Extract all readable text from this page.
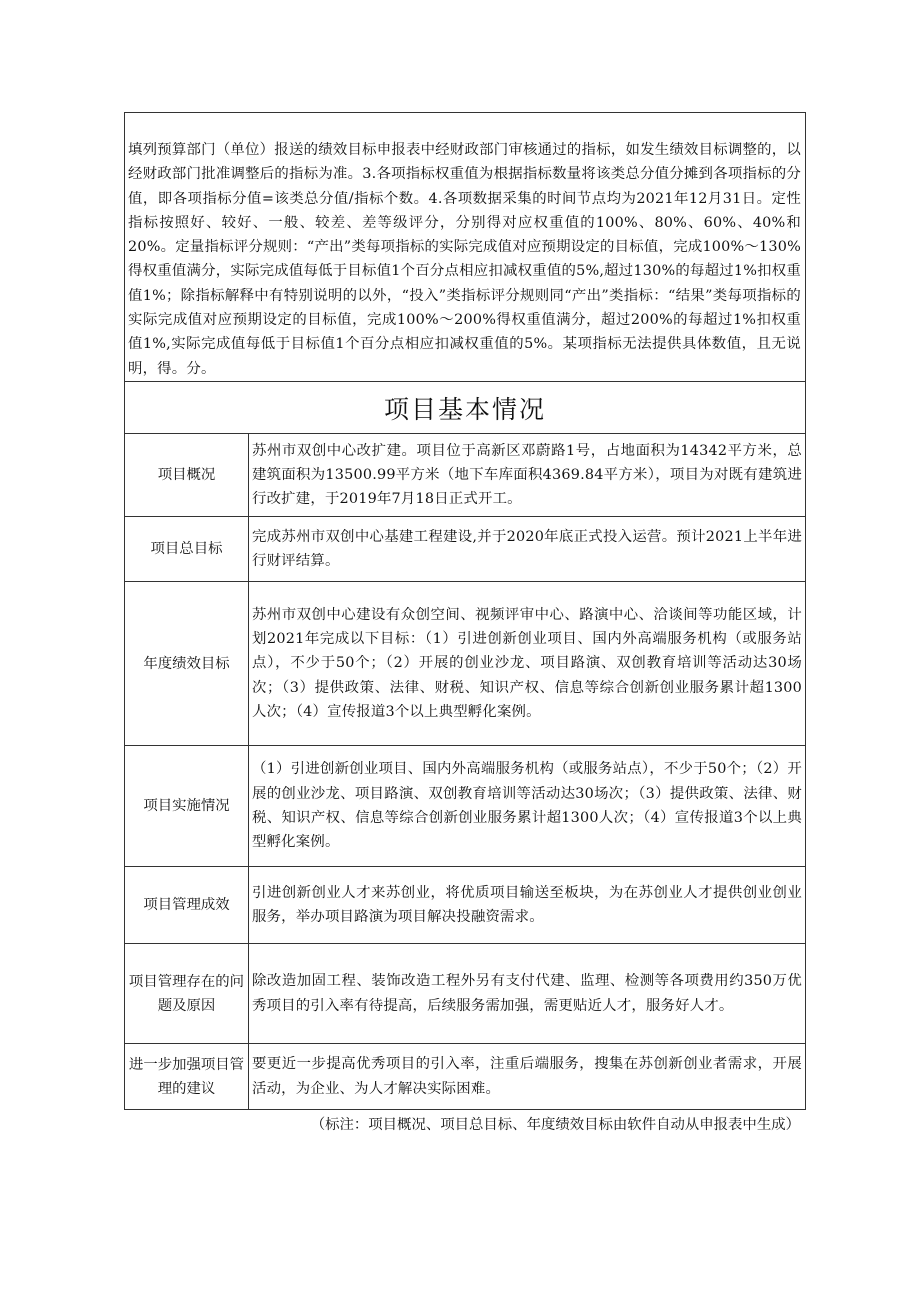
填列预算部门（单位）报送的绩效目标申报表中经财政部门审核通过的指标，如发生绩效目标调整的，以经财政部门批准调整后的指标为准。3.各项指标权重值为根据指标数量将该类总分值分摊到各项指标的分值，即各项指标分值=该类总分值/指标个数。4.各项数据采集的时间节点均为2021年12月31日。定性指标按照好、较好、一般、较差、差等级评分，分别得对应权重值的100%、80%、60%、40%和20%。定量指标评分规则：“产出”类每项指标的实际完成值对应预期设定的目标值，完成100%～130%得权重值满分，实际完成值每低于目标值1个百分点相应扣减权重值的5%,超过130%的每超过1%扣权重值1%；除指标解释中有特别说明的以外，“投入”类指标评分规则同“产出”类指标：“结果”类每项指标的实际完成值对应预期设定的目标值，完成100%～200%得权重值满分，超过200%的每超过1%扣权重值1%,实际完成值每低于目标值1个百分点相应扣减权重值的5%。某项指标无法提供具体数值，且无说明，得。分。
项目基本情况
项目概况
苏州市双创中心改扩建。项目位于高新区邓蔚路1号，占地面积为14342平方米，总建筑面积为13500.99平方米（地下车库面积4369.84平方米），项目为对既有建筑进行改扩建，于2019年7月18日正式开工。
项目总目标
完成苏州市双创中心基建工程建设,并于2020年底正式投入运营。预计2021上半年进行财评结算。
年度绩效目标
苏州市双创中心建设有众创空间、视频评审中心、路演中心、洽谈间等功能区域，计划2021年完成以下目标：（1）引进创新创业项目、国内外高端服务机构（或服务站点），不少于50个；（2）开展的创业沙龙、项目路演、双创教育培训等活动达30场次；（3）提供政策、法律、财税、知识产权、信息等综合创新创业服务累计超1300人次；（4）宣传报道3个以上典型孵化案例。
项目实施情况
（1）引进创新创业项目、国内外高端服务机构（或服务站点），不少于50个；（2）开展的创业沙龙、项目路演、双创教育培训等活动达30场次；（3）提供政策、法律、财税、知识产权、信息等综合创新创业服务累计超1300人次；（4）宣传报道3个以上典型孵化案例。
项目管理成效
引进创新创业人才来苏创业，将优质项目输送至板块，为在苏创业人才提供创业创业服务，举办项目路演为项目解决投融资需求。
项目管理存在的问题及原因
除改造加固工程、装饰改造工程外另有支付代建、监理、检测等各项费用约350万优秀项目的引入率有待提高，后续服务需加强，需更贴近人才，服务好人才。
进一步加强项目管理的建议
要更近一步提高优秀项目的引入率，注重后端服务，搜集在苏创新创业者需求，开展活动，为企业、为人才解决实际困难。
（标注：项目概况、项目总目标、年度绩效目标由软件自动从申报表中生成）
